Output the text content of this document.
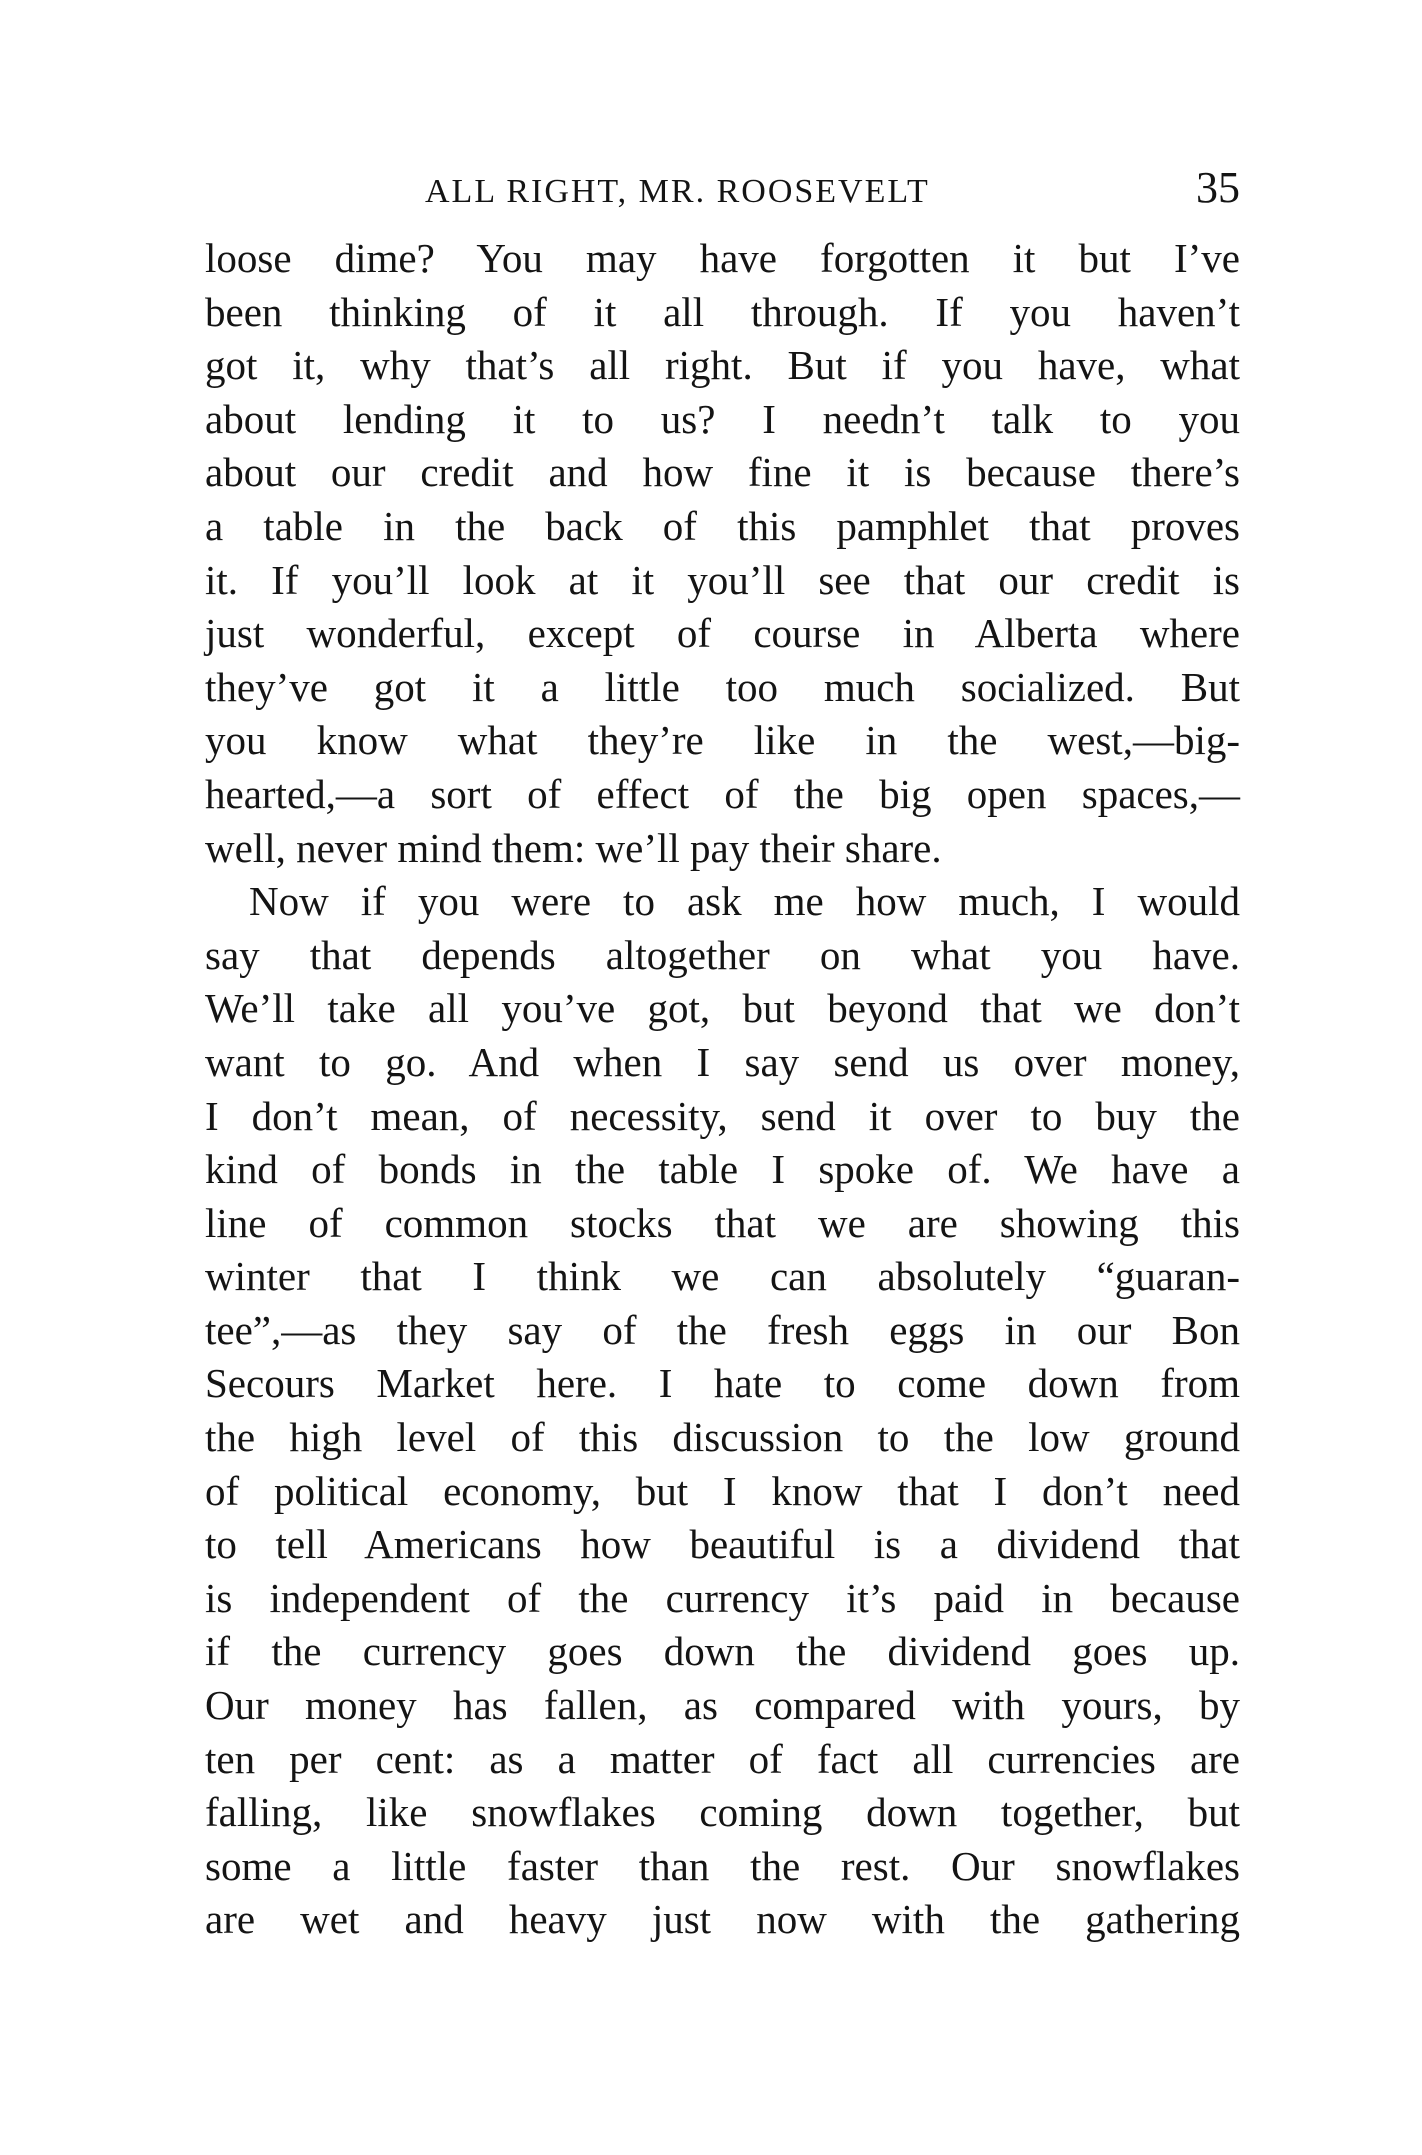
ALL RIGHT, MR. ROOSEVELT	35
loose dime? You may have forgotten it but I’ve
been thinking of it all through. If you haven’t
got it, why that’s all right. But if you have, what
about lending it to us? I needn’t talk to you
about our credit and how fine it is because there’s
a table in the back of this pamphlet that proves
it. If you’ll look at it you’ll see that our credit is
just wonderful, except of course in Alberta where
they’ve got it a little too much socialized. But
you know what they’re like in the west,—big-
hearted,—a sort of effect of the big open spaces,—
well, never mind them: we’ll pay their share.
Now if you were to ask me how much, I would
say that depends altogether on what you have.
We’ll take all you’ve got, but beyond that we don’t
want to go. And when I say send us over money,
I don’t mean, of necessity, send it over to buy the
kind of bonds in the table I spoke of. We have a
line of common stocks that we are showing this
winter that I think we can absolutely “guaran-
tee”,—as they say of the fresh eggs in our Bon
Secours Market here. I hate to come down from
the high level of this discussion to the low ground
of political economy, but I know that I don’t need
to tell Americans how beautiful is a dividend that
is independent of the currency it’s paid in because
if the currency goes down the dividend goes up.
Our money has fallen, as compared with yours, by
ten per cent: as a matter of fact all currencies are
falling, like snowflakes coming down together, but
some a little faster than the rest. Our snowflakes
are wet and heavy just now with the gathering
